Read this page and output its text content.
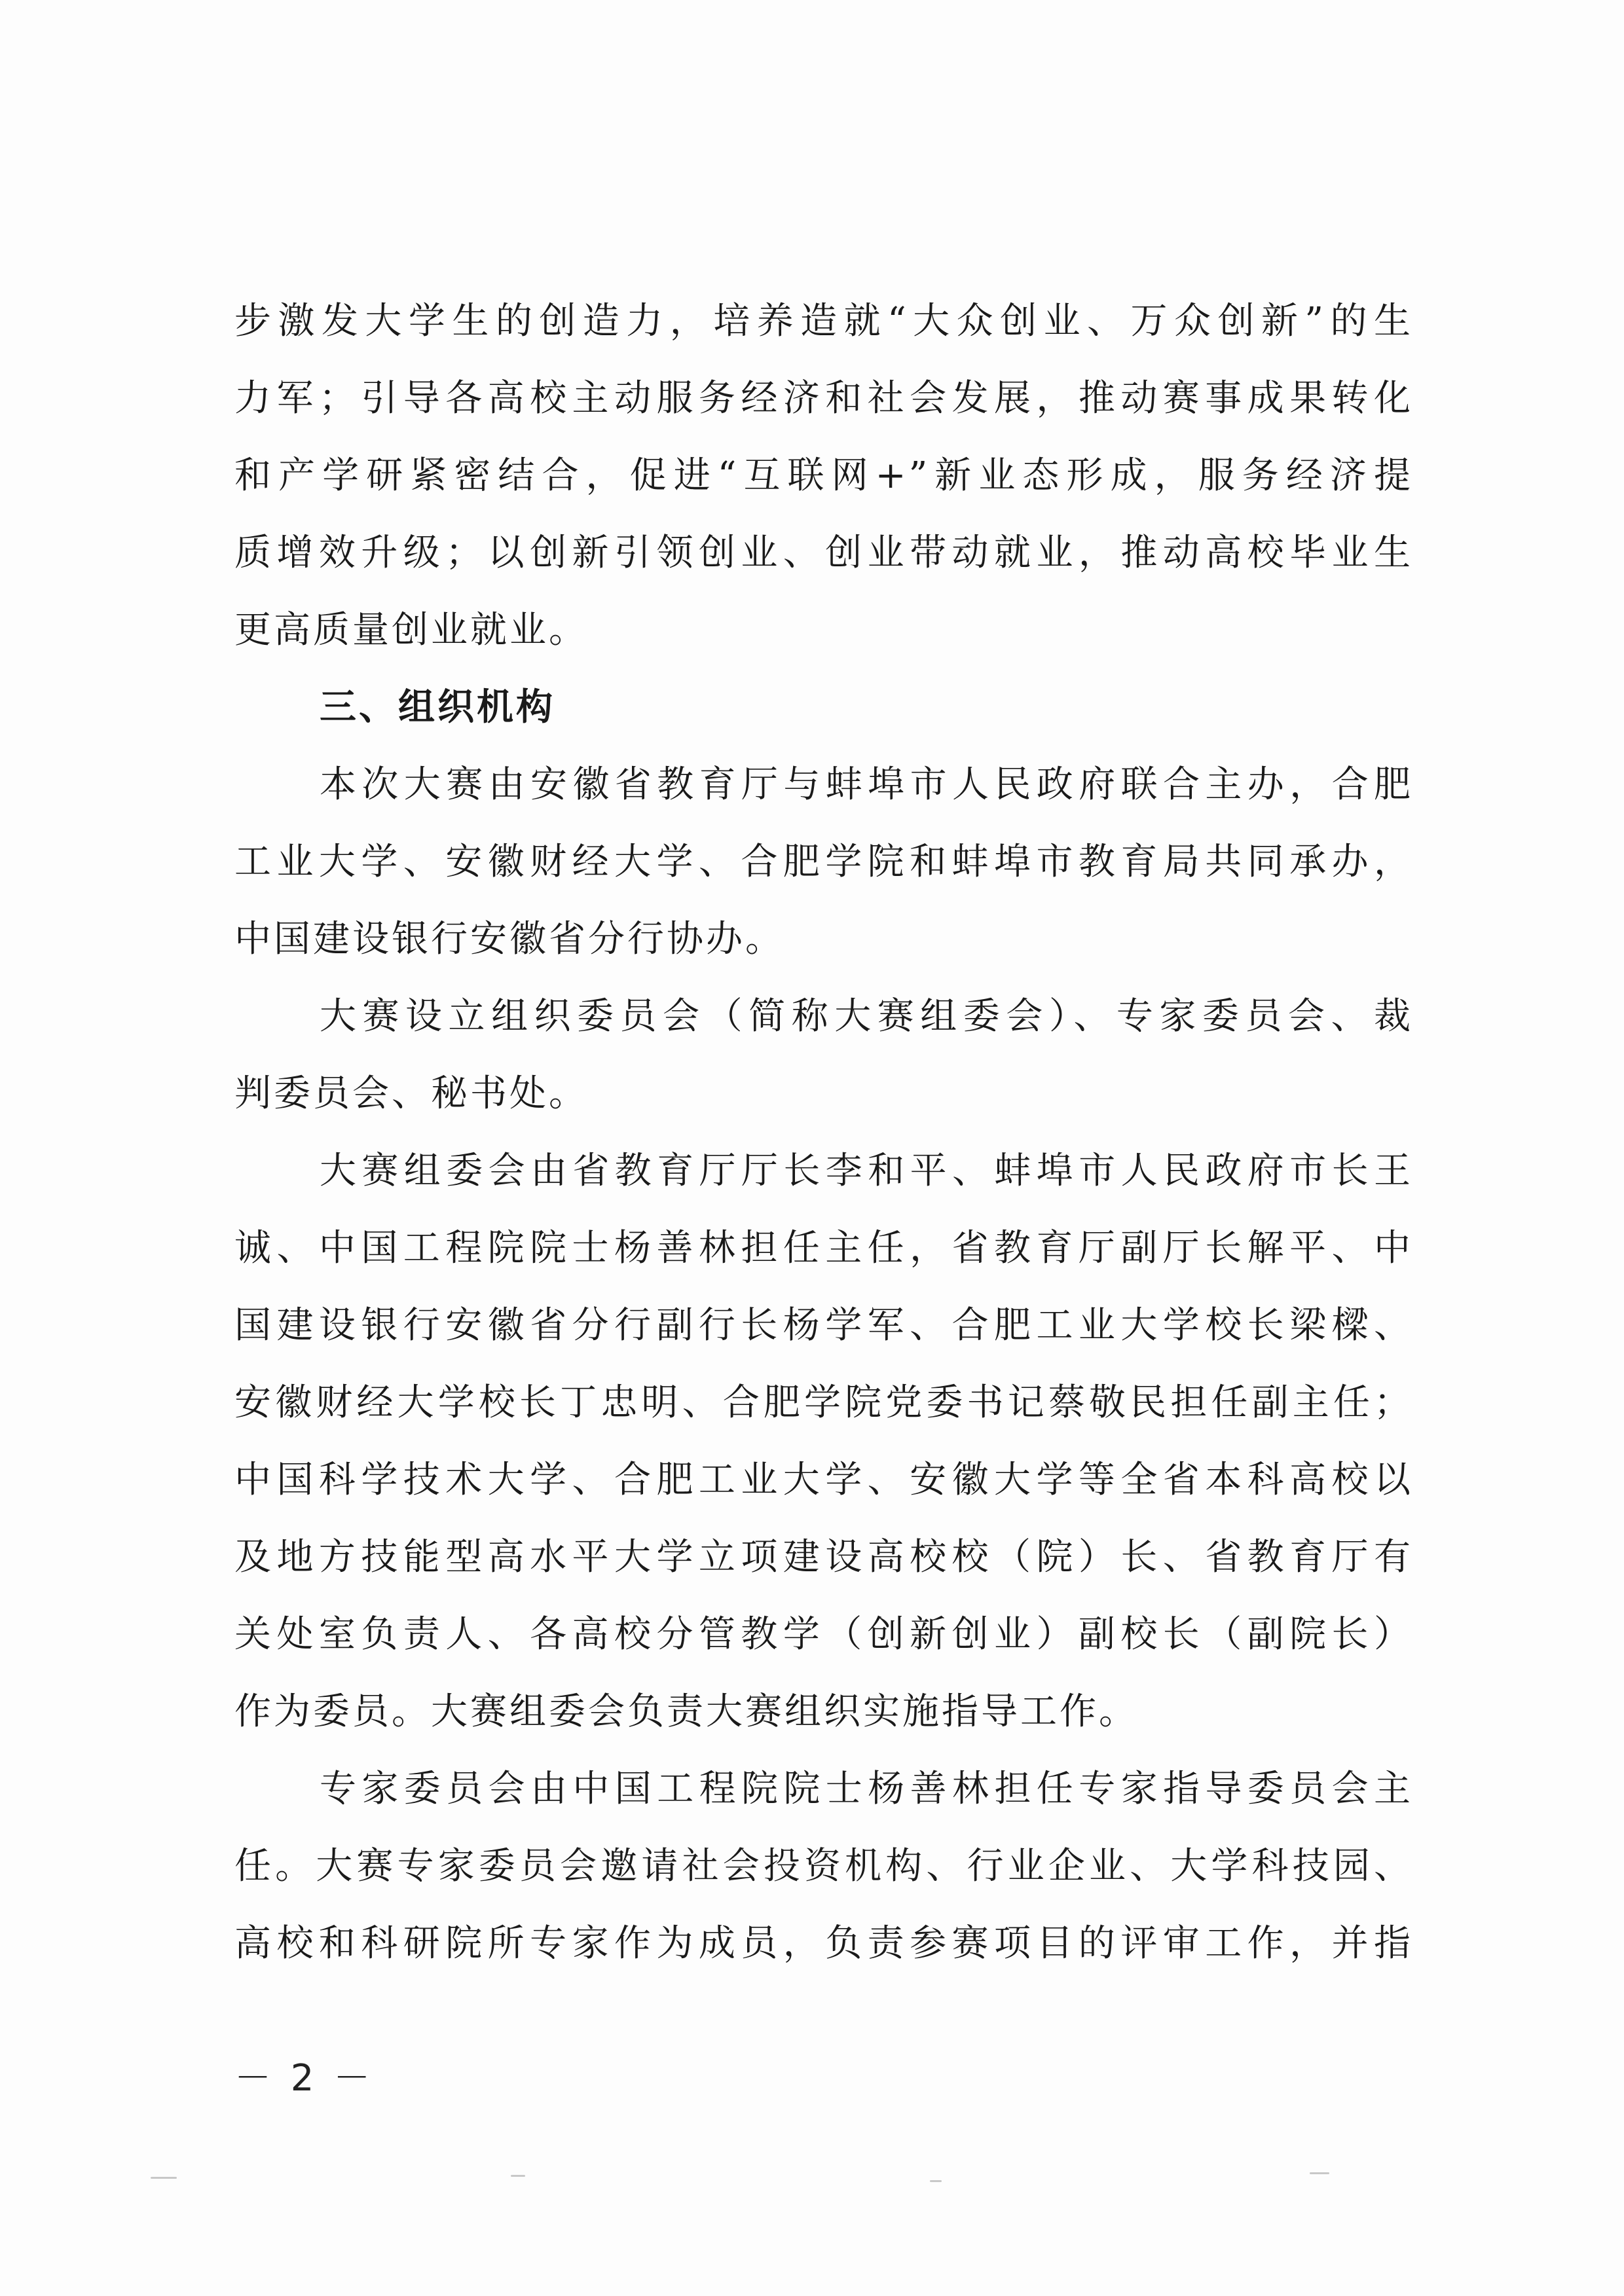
步激发大学生的创造力，培养造就“大众创业、万众创新”的生
力军；引导各高校主动服务经济和社会发展，推动赛事成果转化
和产学研紧密结合，促进“互联网+”新业态形成，服务经济提
质增效升级；以创新引领创业、创业带动就业，推动高校毕业生
更高质量创业就业。
三、组织机构
本次大赛由安徽省教育厅与蚌埠市人民政府联合主办，合肥
工业大学、安徽财经大学、合肥学院和蚌埠市教育局共同承办，
中国建设银行安徽省分行协办。
大赛设立组织委员会（简称大赛组委会）、专家委员会、裁
判委员会、秘书处。
大赛组委会由省教育厅厅长李和平、蚌埠市人民政府市长王
诚、中国工程院院士杨善林担任主任，省教育厅副厅长解平、中
国建设银行安徽省分行副行长杨学军、合肥工业大学校长梁樑、
安徽财经大学校长丁忠明、合肥学院党委书记蔡敬民担任副主任；
中国科学技术大学、合肥工业大学、安徽大学等全省本科高校以
及地方技能型高水平大学立项建设高校校（院）长、省教育厅有
关处室负责人、各高校分管教学（创新创业）副校长（副院长）
作为委员。大赛组委会负责大赛组织实施指导工作。
专家委员会由中国工程院院士杨善林担任专家指导委员会主
任。大赛专家委员会邀请社会投资机构、行业企业、大学科技园、
高校和科研院所专家作为成员，负责参赛项目的评审工作，并指
－ 2 －
